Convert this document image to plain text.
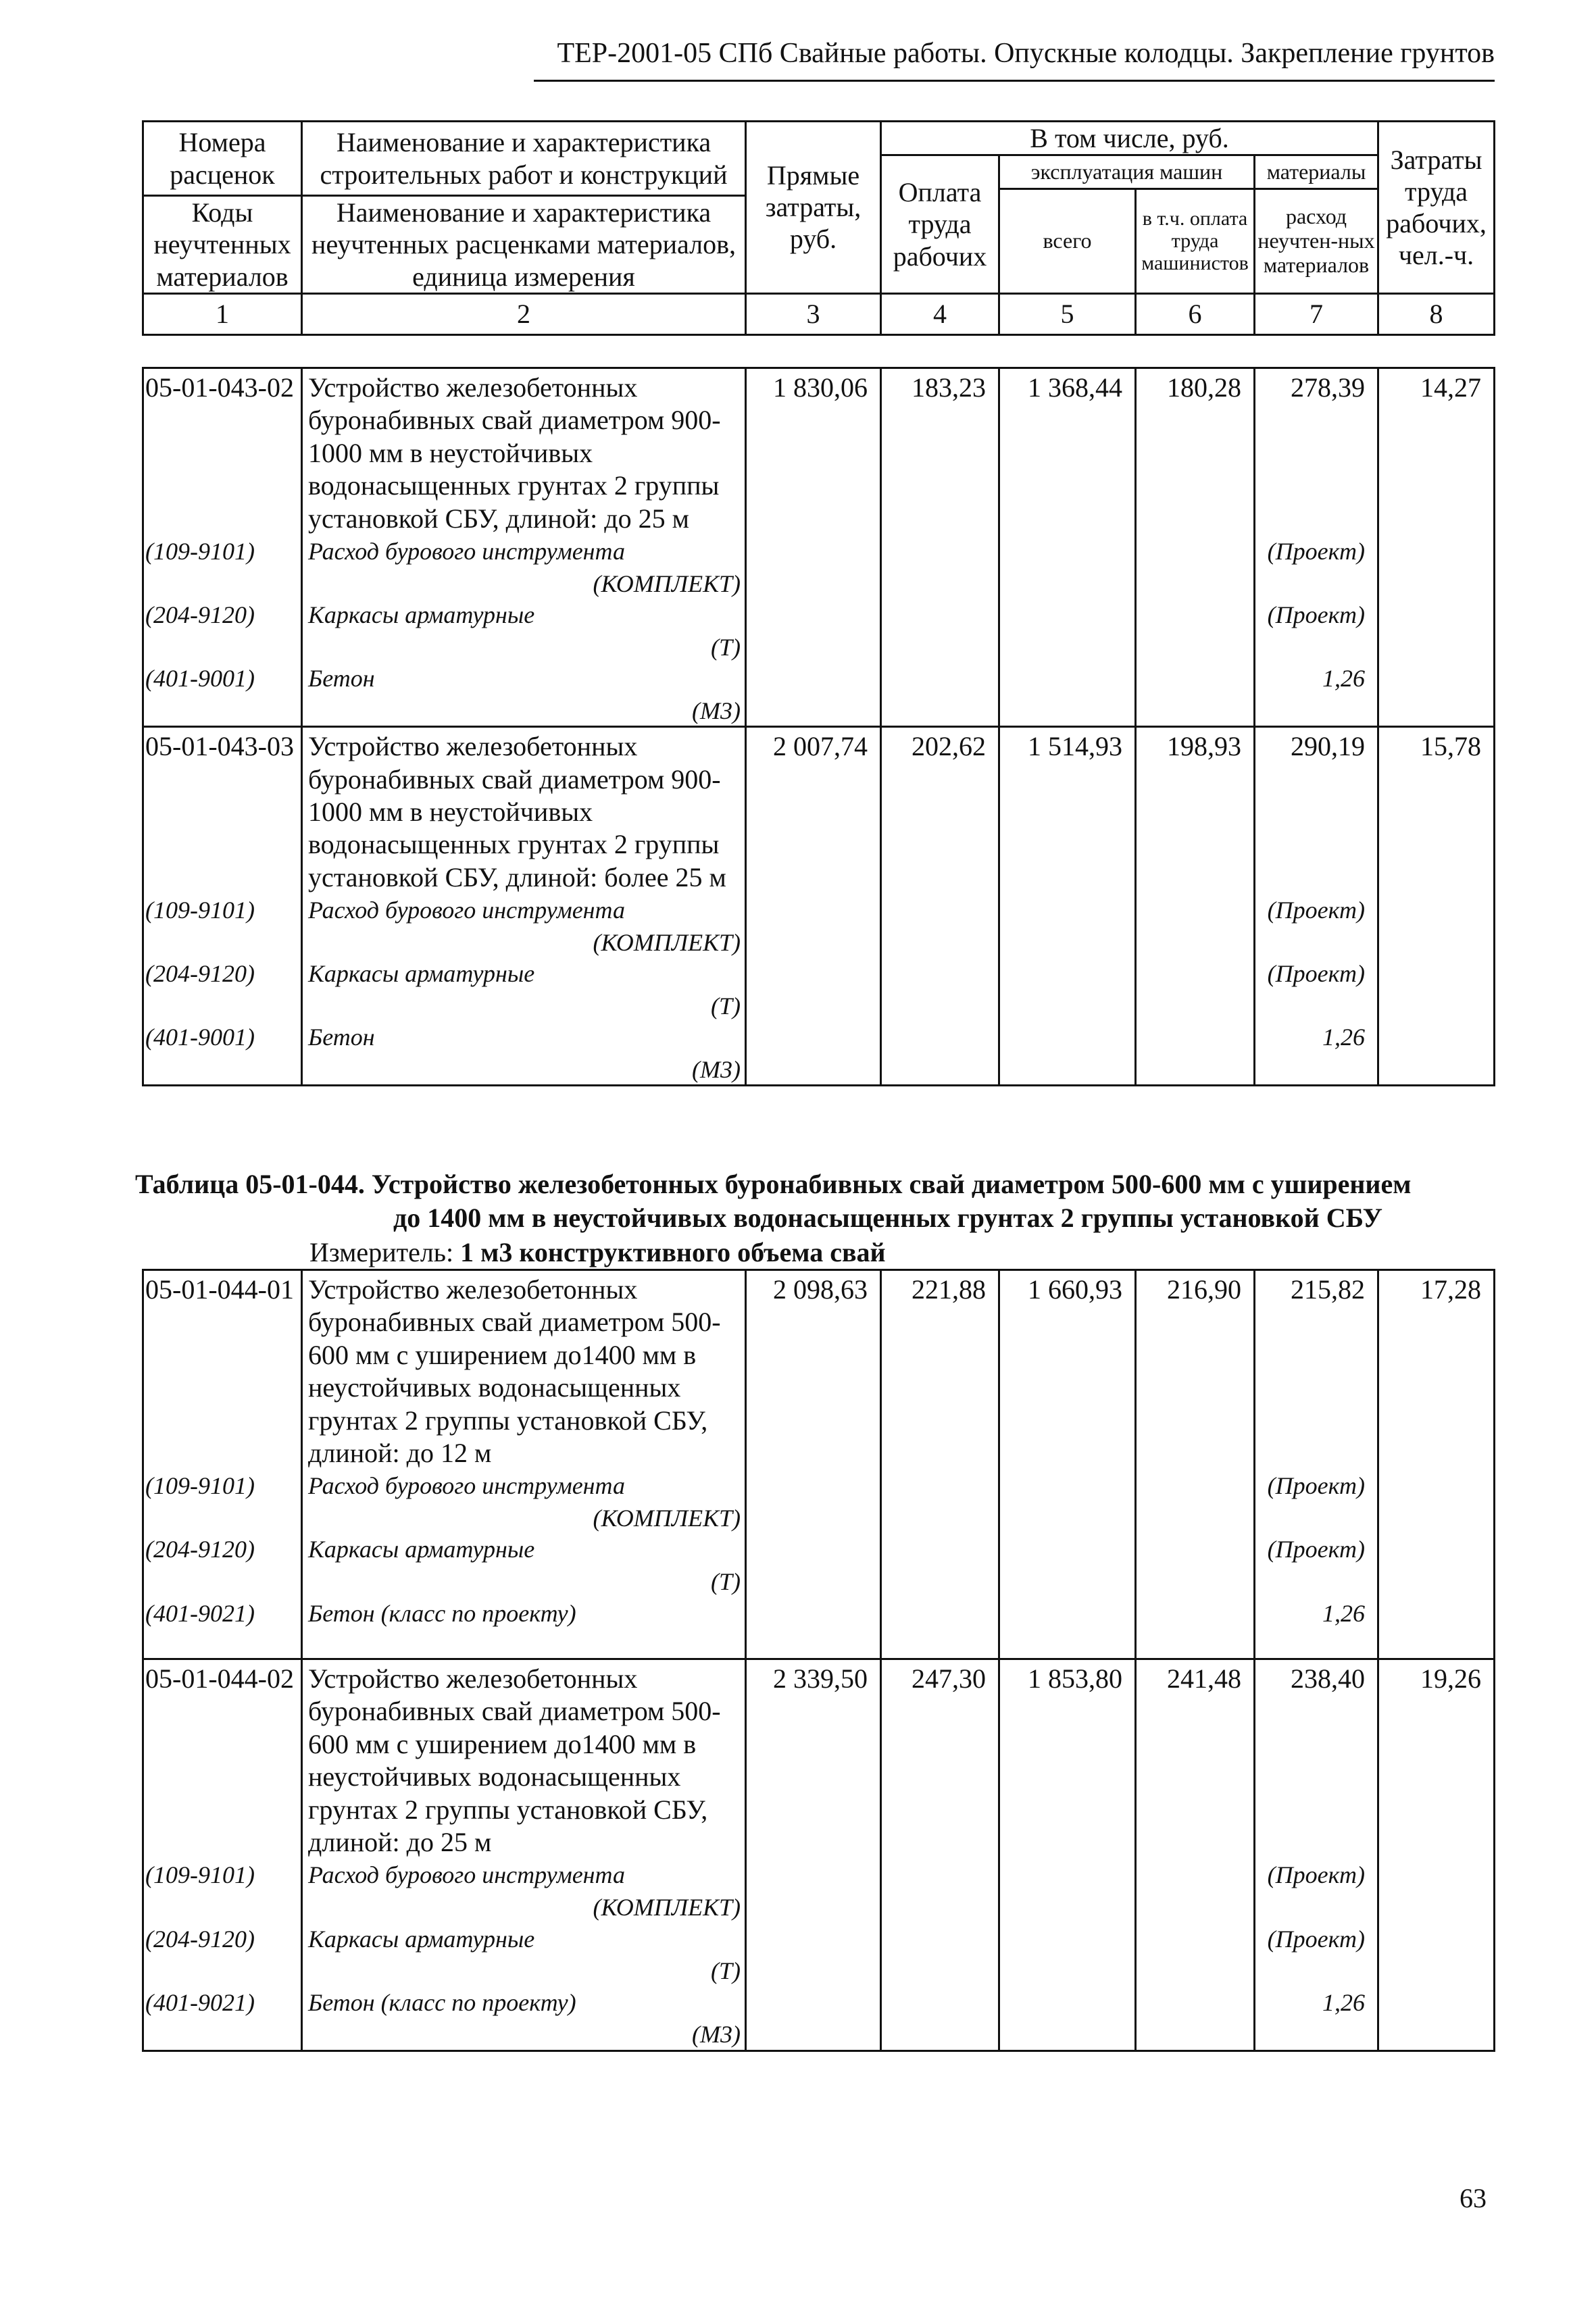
ТЕР-2001-05 СПб Свайные работы. Опускные колодцы. Закрепление грунтов
Номера расценок	Наименование и характеристика строительных работ и конструкций	Прямые затраты, руб.	В том числе, руб.				Затраты труда рабочих, чел.-ч.
			Оплата труда рабочих	эксплуатация машин		материалы	
				всего	в т.ч. оплата труда машинистов	расход неучтен-ных материалов	
Коды неучтенных материалов	Наименование и характеристика неучтенных расценками материалов, единица измерения						

1	2	3	4	5	6	7	8
05-01-043-02	Устройство железобетонных буронабивных свай диаметром 900-1000 мм в неустойчивых водонасыщенных грунтах 2 группы установкой СБУ, длиной: до 25 м	1 830,06	183,23	1 368,44	180,28	278,39	14,27
(109-9101)	Расход бурового инструмента					(Проект)	
	(КОМПЛЕКТ)						
(204-9120)	Каркасы арматурные					(Проект)	
	(Т)						
(401-9001)	Бетон					1,26	
	(М3)						
05-01-043-03	Устройство железобетонных буронабивных свай диаметром 900-1000 мм в неустойчивых водонасыщенных грунтах 2 группы установкой СБУ, длиной: более 25 м	2 007,74	202,62	1 514,93	198,93	290,19	15,78
(109-9101)	Расход бурового инструмента					(Проект)	
	(КОМПЛЕКТ)						
(204-9120)	Каркасы арматурные					(Проект)	
	(Т)						
(401-9001)	Бетон					1,26	
	(М3)						
Таблица 05-01-044. Устройство железобетонных буронабивных свай диаметром 500-600 мм с уширением
до 1400 мм в неустойчивых водонасыщенных грунтах 2 группы установкой СБУ
Измеритель: 1 м3 конструктивного объема свай
05-01-044-01	Устройство железобетонных буронабивных свай диаметром 500-600 мм с уширением до1400 мм в неустойчивых водонасыщенных грунтах 2 группы установкой СБУ, длиной: до 12 м	2 098,63	221,88	1 660,93	216,90	215,82	17,28
(109-9101)	Расход бурового инструмента					(Проект)	
	(КОМПЛЕКТ)						
(204-9120)	Каркасы арматурные					(Проект)	
	(Т)						
(401-9021)	Бетон (класс по проекту)					1,26	

05-01-044-02	Устройство железобетонных буронабивных свай диаметром 500-600 мм с уширением до1400 мм в неустойчивых водонасыщенных грунтах 2 группы установкой СБУ, длиной: до 25 м	2 339,50	247,30	1 853,80	241,48	238,40	19,26
(109-9101)	Расход бурового инструмента					(Проект)	
	(КОМПЛЕКТ)						
(204-9120)	Каркасы арматурные					(Проект)	
	(Т)						
(401-9021)	Бетон (класс по проекту)					1,26	
	(М3)						
63
